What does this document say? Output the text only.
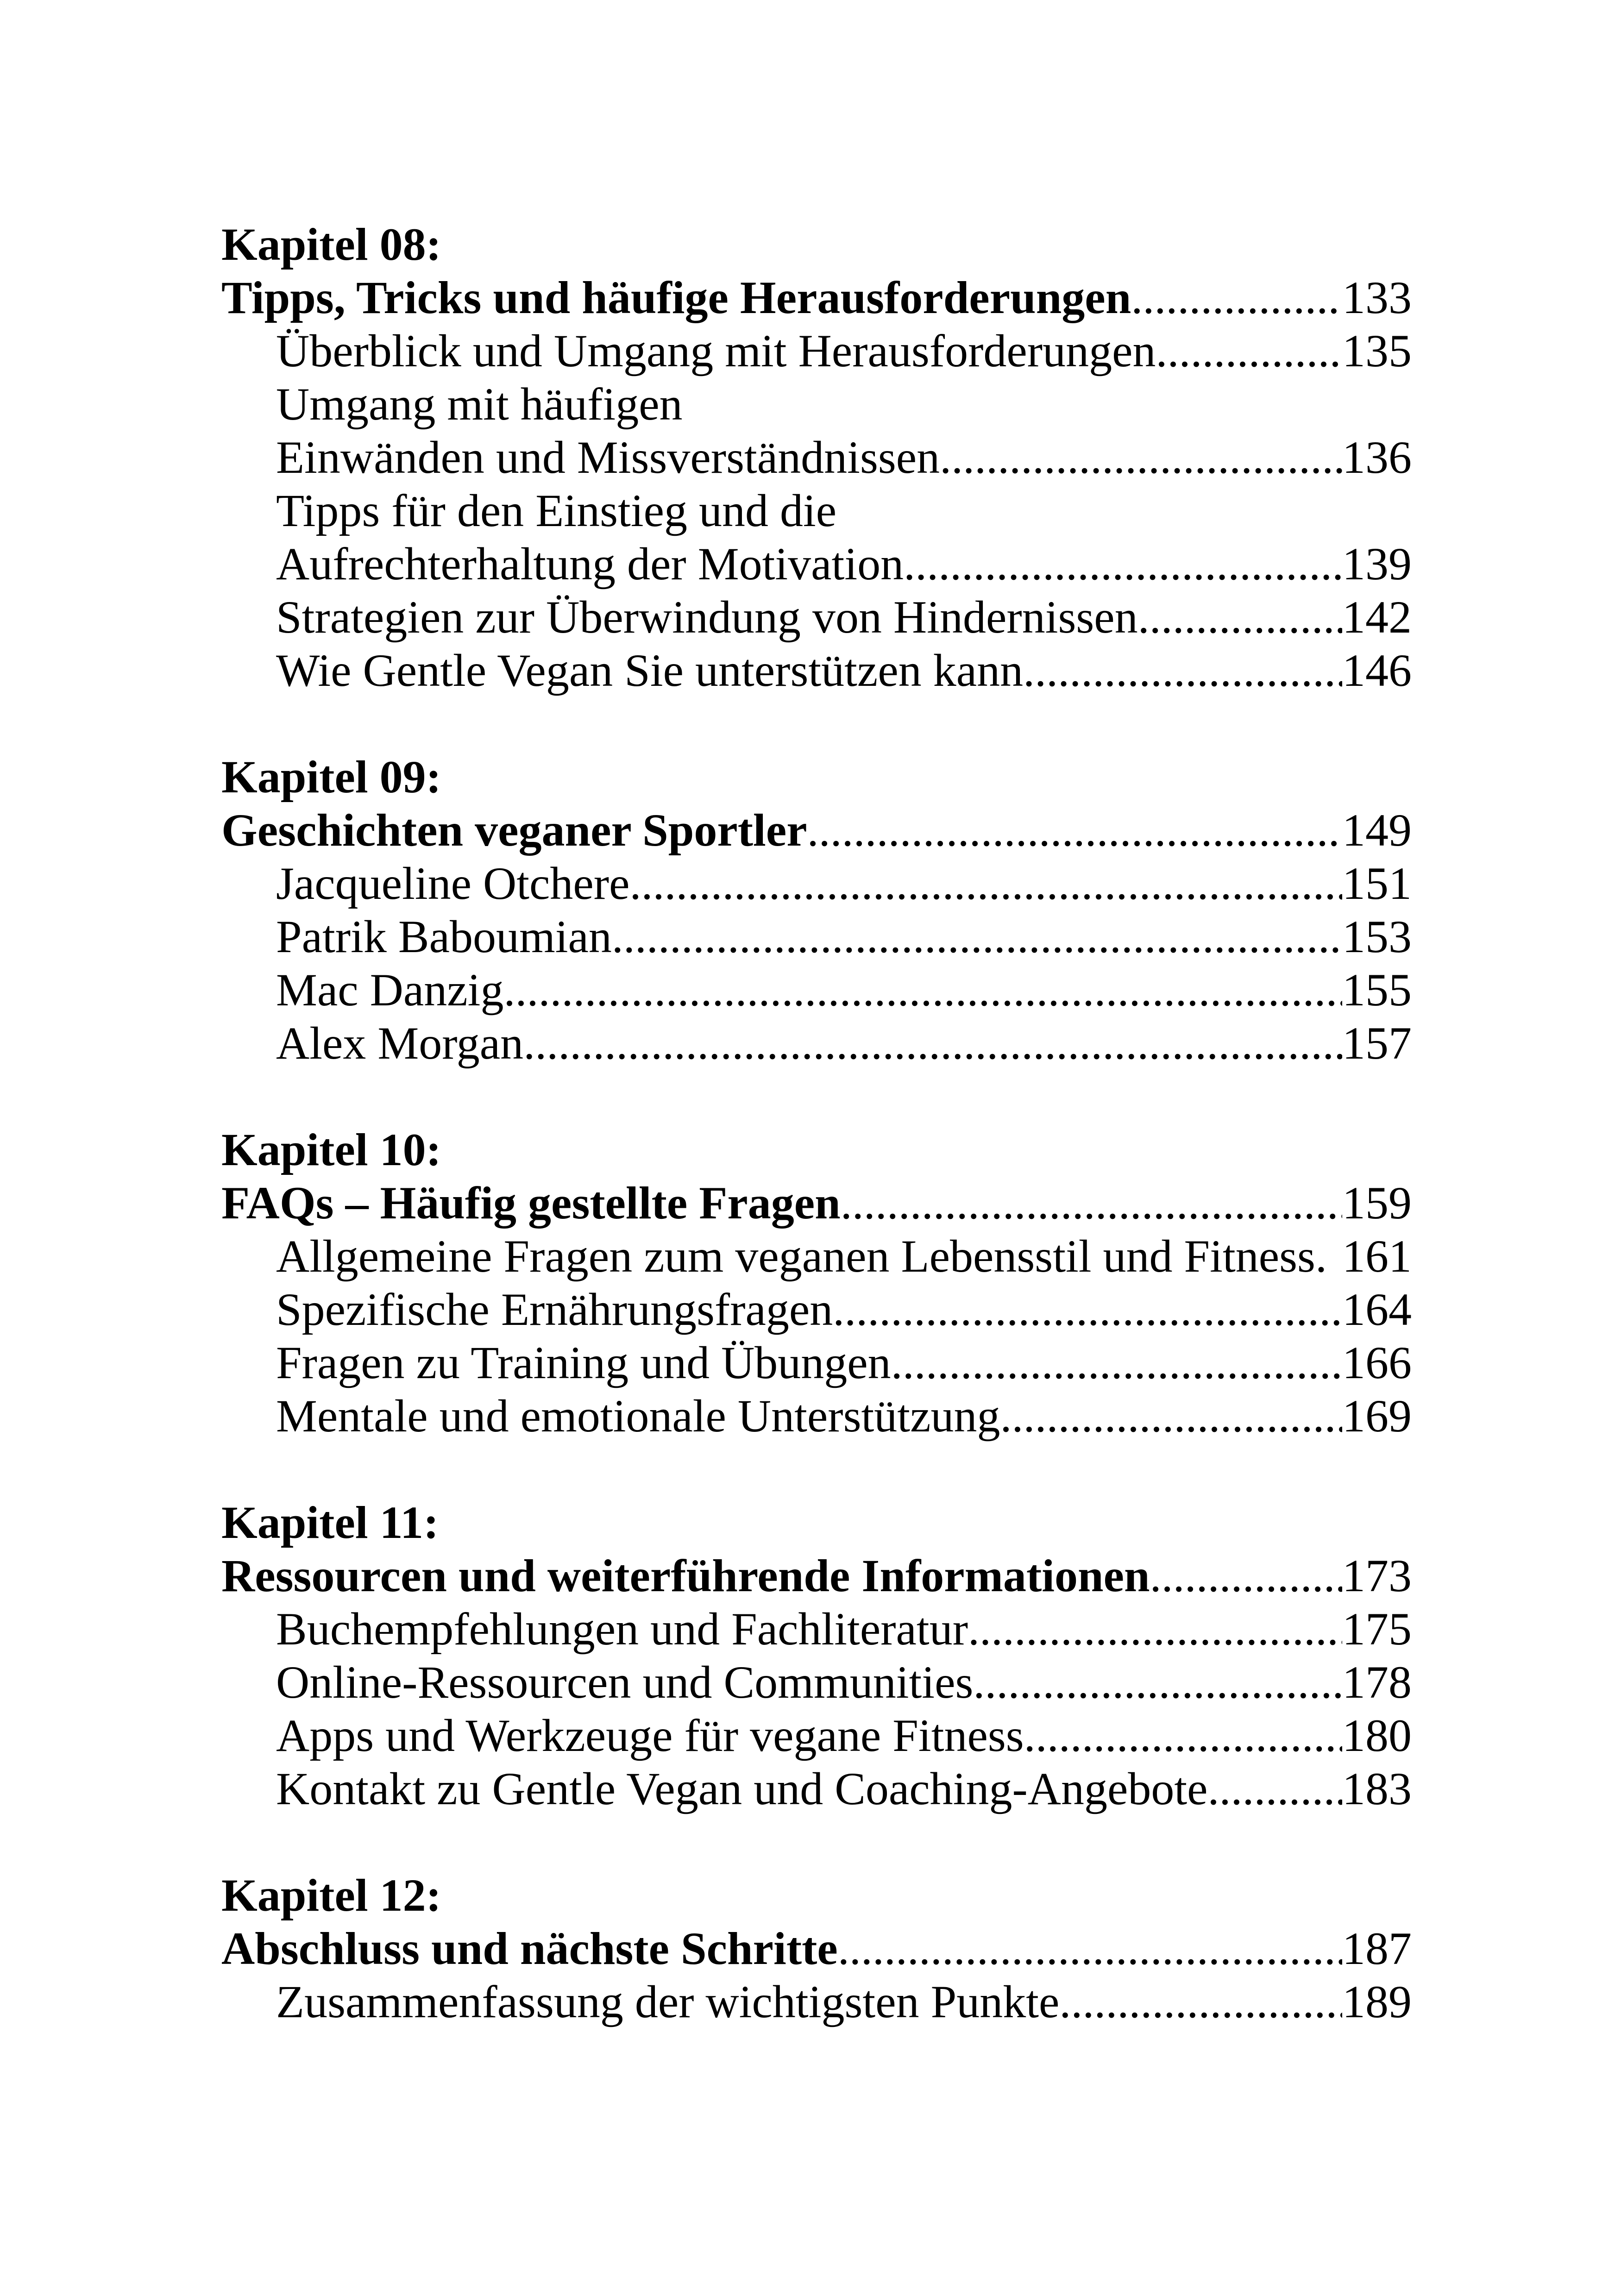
Kapitel 08:
Tipps, Tricks und häufige Herausforderungen .....	133
Überblick und Umgang mit Herausforderungen .....	135
Umgang mit häufigen
Einwänden und Missverständnissen .....	136
Tipps für den Einstieg und die
Aufrechterhaltung der Motivation .....	139
Strategien zur Überwindung von Hindernissen .....	142
Wie Gentle Vegan Sie unterstützen kann .....	146
Kapitel 09:
Geschichten veganer Sportler .....	149
Jacqueline Otchere .....	151
Patrik Baboumian .....	153
Mac Danzig .....	155
Alex Morgan .....	157
Kapitel 10:
FAQs – Häufig gestellte Fragen .....	159
Allgemeine Fragen zum veganen Lebensstil und Fitness. 161
Spezifische Ernährungsfragen .....	164
Fragen zu Training und Übungen .....	166
Mentale und emotionale Unterstützung .....	169
Kapitel 11:
Ressourcen und weiterführende Informationen .....	173
Buchempfehlungen und Fachliteratur .....	175
Online-Ressourcen und Communities .....	178
Apps und Werkzeuge für vegane Fitness .....	180
Kontakt zu Gentle Vegan und Coaching-Angebote .....	183
Kapitel 12:
Abschluss und nächste Schritte .....	187
Zusammenfassung der wichtigsten Punkte .....	189
